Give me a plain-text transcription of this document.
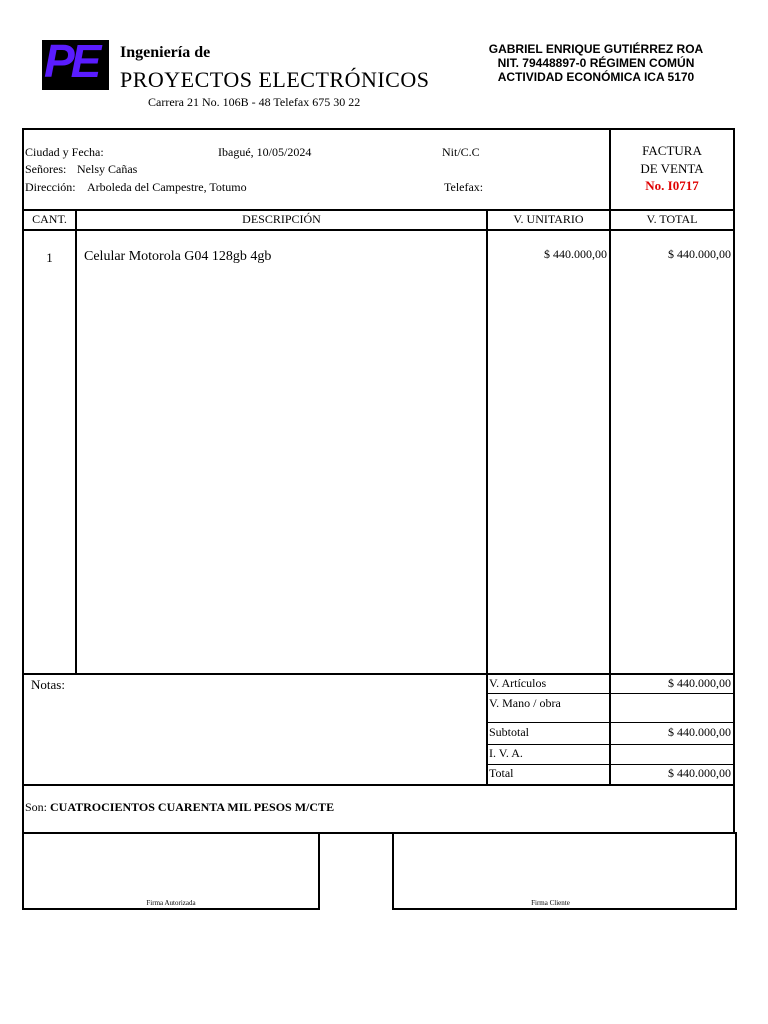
PE Ingeniería de
PROYECTOS ELECTRÓNICOS
Carrera 21 No. 106B - 48 Telefax 675 30 22
GABRIEL ENRIQUE GUTIÉRREZ ROA
NIT. 79448897-0 RÉGIMEN COMÚN
ACTIVIDAD ECONÓMICA ICA 5170
Ciudad y Fecha:	Ibagué, 10/05/2024	Nit/C.C
Señores: Nelsy Cañas
Dirección: Arboleda del Campestre, Totumo	Telefax:
FACTURA
DE VENTA
No. I0717
CANT.	DESCRIPCIÓN	V. UNITARIO	V. TOTAL
1	Celular Motorola G04 128gb 4gb	$ 440.000,00	$ 440.000,00
Notas:	V. Artículos	$ 440.000,00
V. Mano / obra
Subtotal	$ 440.000,00
I. V. A.
Total	$ 440.000,00
Son: CUATROCIENTOS CUARENTA MIL PESOS M/CTE
Firma Autorizada	Firma Cliente
